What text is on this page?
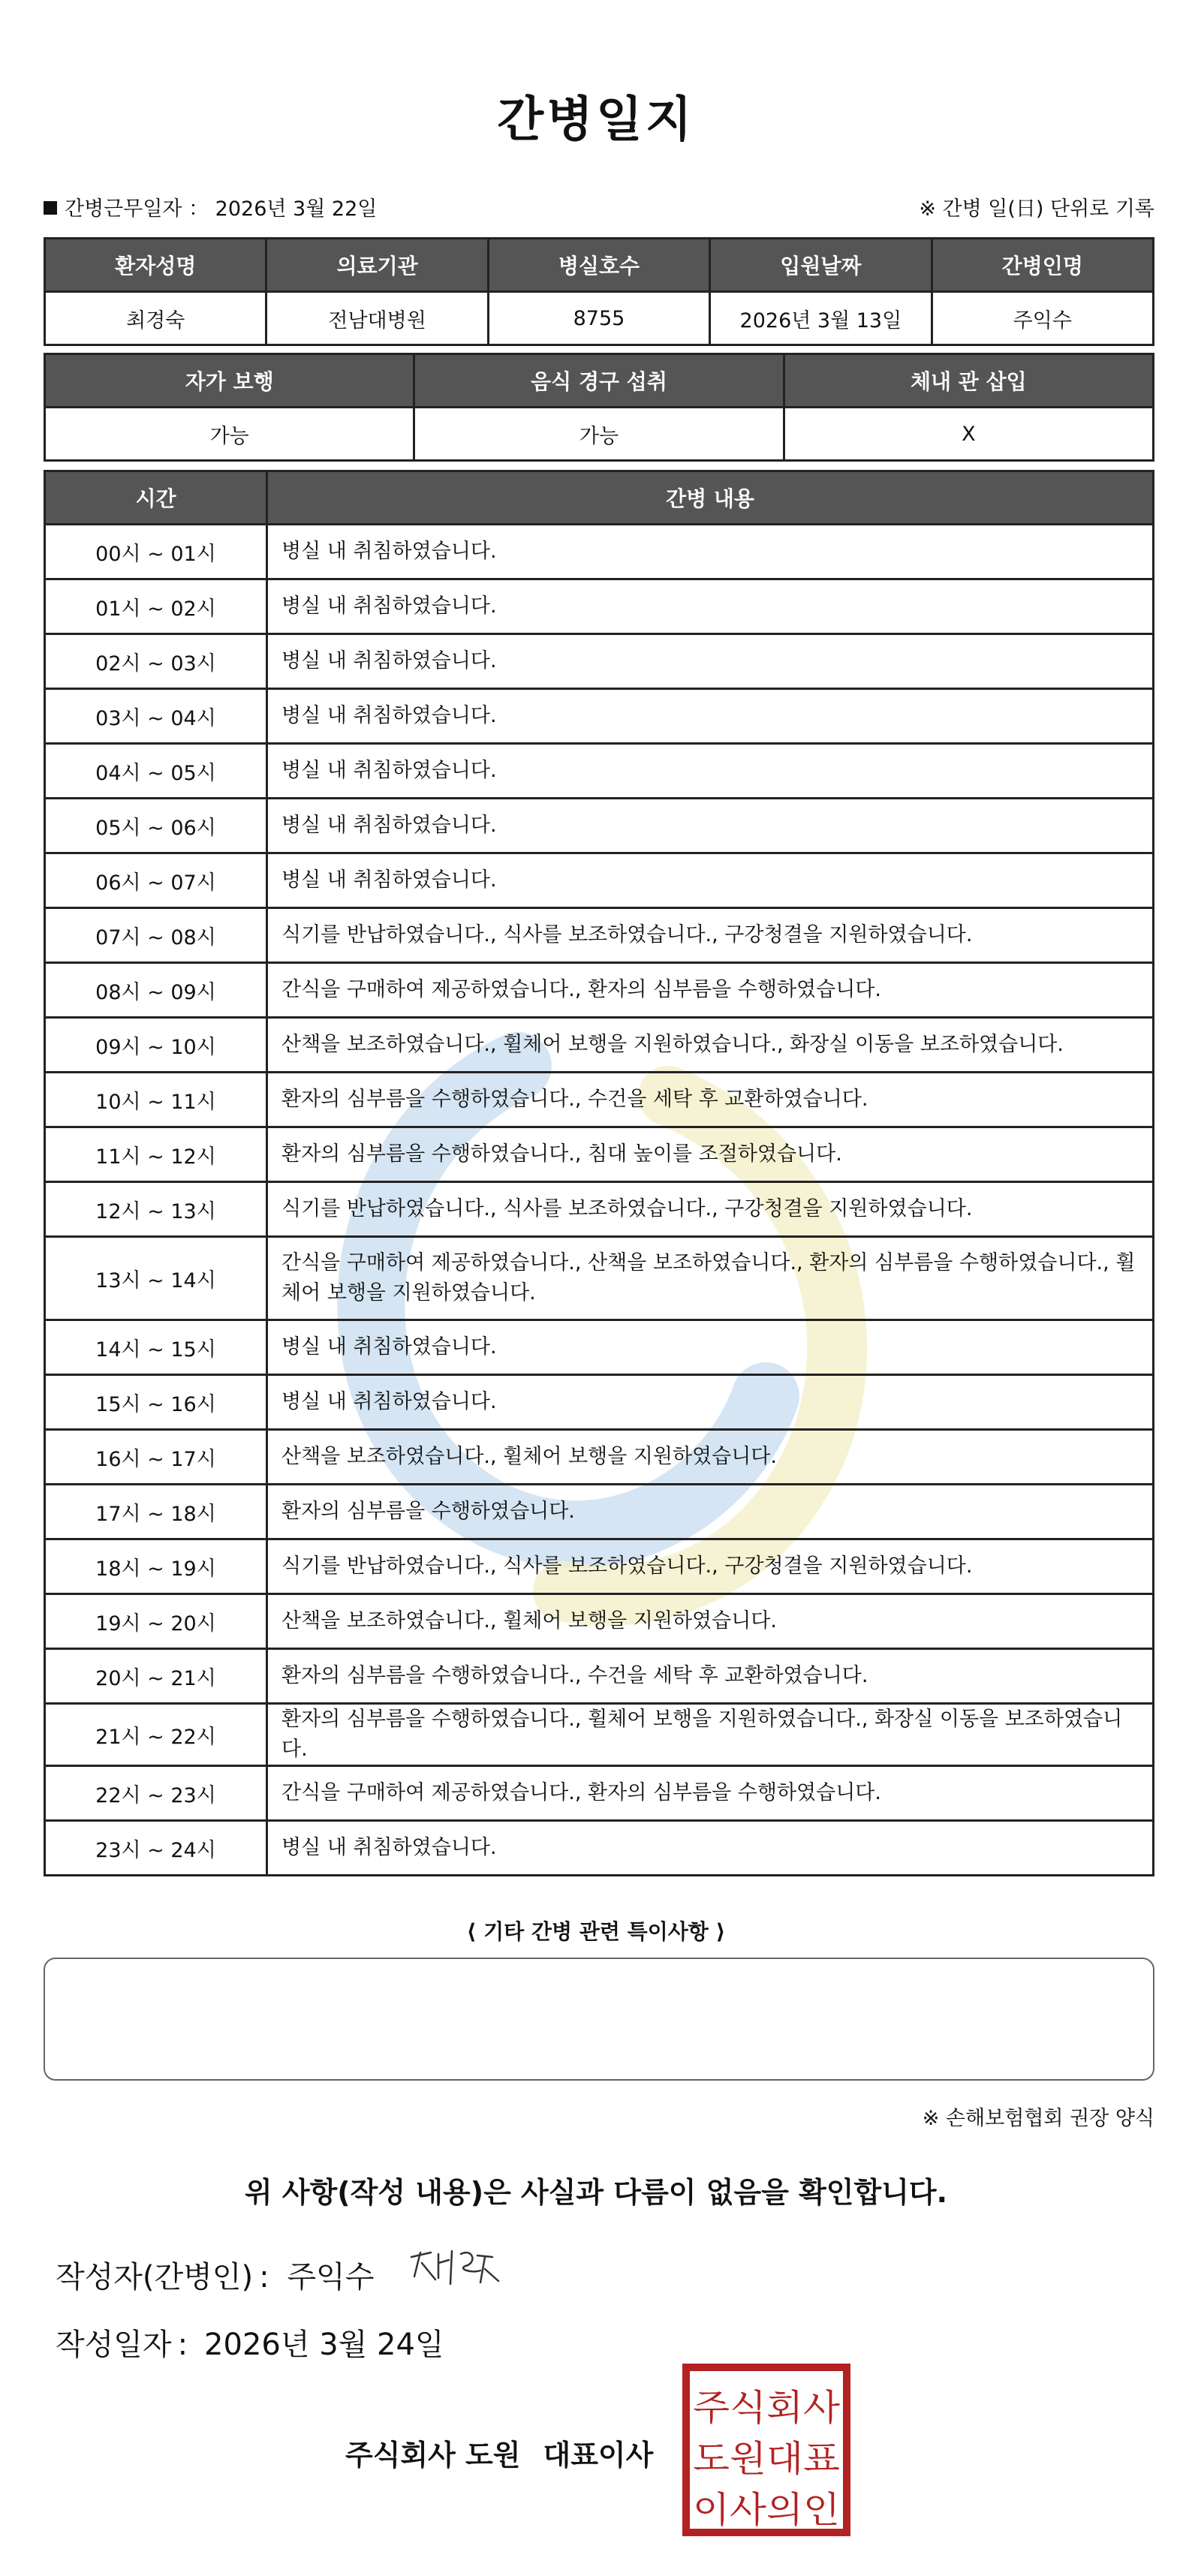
간병일지
간병근무일자 ： 2026년 3월 22일	※ 간병 일(日) 단위로 기록
환자성명	의료기관	병실호수	입원날짜	간병인명
최경숙	전남대병원	8755	2026년 3월 13일	주익수
자가 보행	음식 경구 섭취	체내 관 삽입
가능	가능	X
시간	간병 내용
00시 ~ 01시	병실 내 취침하였습니다.
01시 ~ 02시	병실 내 취침하였습니다.
02시 ~ 03시	병실 내 취침하였습니다.
03시 ~ 04시	병실 내 취침하였습니다.
04시 ~ 05시	병실 내 취침하였습니다.
05시 ~ 06시	병실 내 취침하였습니다.
06시 ~ 07시	병실 내 취침하였습니다.
07시 ~ 08시	식기를 반납하였습니다., 식사를 보조하였습니다., 구강청결을 지원하였습니다.
08시 ~ 09시	간식을 구매하여 제공하였습니다., 환자의 심부름을 수행하였습니다.
09시 ~ 10시	산책을 보조하였습니다., 휠체어 보행을 지원하였습니다., 화장실 이동을 보조하였습니다.
10시 ~ 11시	환자의 심부름을 수행하였습니다., 수건을 세탁 후 교환하였습니다.
11시 ~ 12시	환자의 심부름을 수행하였습니다., 침대 높이를 조절하였습니다.
12시 ~ 13시	식기를 반납하였습니다., 식사를 보조하였습니다., 구강청결을 지원하였습니다.
13시 ~ 14시	간식을 구매하여 제공하였습니다., 산책을 보조하였습니다., 환자의 심부름을 수행하였습니다., 휠체어 보행을 지원하였습니다.
14시 ~ 15시	병실 내 취침하였습니다.
15시 ~ 16시	병실 내 취침하였습니다.
16시 ~ 17시	산책을 보조하였습니다., 휠체어 보행을 지원하였습니다.
17시 ~ 18시	환자의 심부름을 수행하였습니다.
18시 ~ 19시	식기를 반납하였습니다., 식사를 보조하였습니다., 구강청결을 지원하였습니다.
19시 ~ 20시	산책을 보조하였습니다., 휠체어 보행을 지원하였습니다.
20시 ~ 21시	환자의 심부름을 수행하였습니다., 수건을 세탁 후 교환하였습니다.
21시 ~ 22시	환자의 심부름을 수행하였습니다., 휠체어 보행을 지원하였습니다., 화장실 이동을 보조하였습니다.
22시 ~ 23시	간식을 구매하여 제공하였습니다., 환자의 심부름을 수행하였습니다.
23시 ~ 24시	병실 내 취침하였습니다.
⟨ 기타 간병 관련 특이사항 ⟩
※ 손해보험협회 권장 양식
위 사항(작성 내용)은 사실과 다름이 없음을 확인합니다.
작성자(간병인) : 주익수
작성일자 : 2026년 3월 24일
주식회사 도원 대표이사
주식회사
도원대표
이사의인
